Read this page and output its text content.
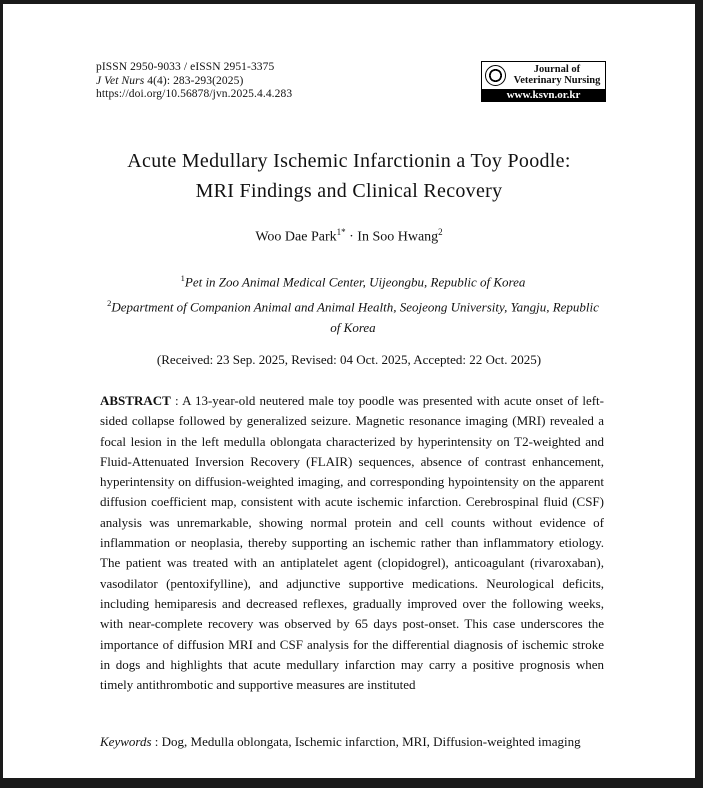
pISSN 2950-9033 / eISSN 2951-3375
J Vet Nurs 4(4): 283-293(2025)
https://doi.org/10.56878/jvn.2025.4.4.283
Journal of
Veterinary Nursing
www.ksvn.or.kr
Acute Medullary Ischemic Infarctionin a Toy Poodle:
MRI Findings and Clinical Recovery
Woo Dae Park$^{1*}$ · In Soo Hwang$^2$
$^1$Pet in Zoo Animal Medical Center, Uijeongbu, Republic of Korea
$^2$Department of Companion Animal and Animal Health, Seojeong University, Yangju, Republic of Korea
(Received: 23 Sep. 2025, Revised: 04 Oct. 2025, Accepted: 22 Oct. 2025)
ABSTRACT : A 13-year-old neutered male toy poodle was presented with acute onset of left-sided collapse followed by generalized seizure. Magnetic resonance imaging (MRI) revealed a focal lesion in the left medulla oblongata characterized by hyperintensity on T2-weighted and Fluid-Attenuated Inversion Recovery (FLAIR) sequences, absence of contrast enhancement, hyperintensity on diffusion-weighted imaging, and corresponding hypointensity on the apparent diffusion coefficient map, consistent with acute ischemic infarction. Cerebrospinal fluid (CSF) analysis was unremarkable, showing normal protein and cell counts without evidence of inflammation or neoplasia, thereby supporting an ischemic rather than inflammatory etiology. The patient was treated with an antiplatelet agent (clopidogrel), anticoagulant (rivaroxaban), vasodilator (pentoxifylline), and adjunctive supportive medications. Neurological deficits, including hemiparesis and decreased reflexes, gradually improved over the following weeks, with near-complete recovery was observed by 65 days post-onset. This case underscores the importance of diffusion MRI and CSF analysis for the differential diagnosis of ischemic stroke in dogs and highlights that acute medullary infarction may carry a positive prognosis when timely antithrombotic and supportive measures are instituted
Keywords : Dog, Medulla oblongata, Ischemic infarction, MRI, Diffusion-weighted imaging
